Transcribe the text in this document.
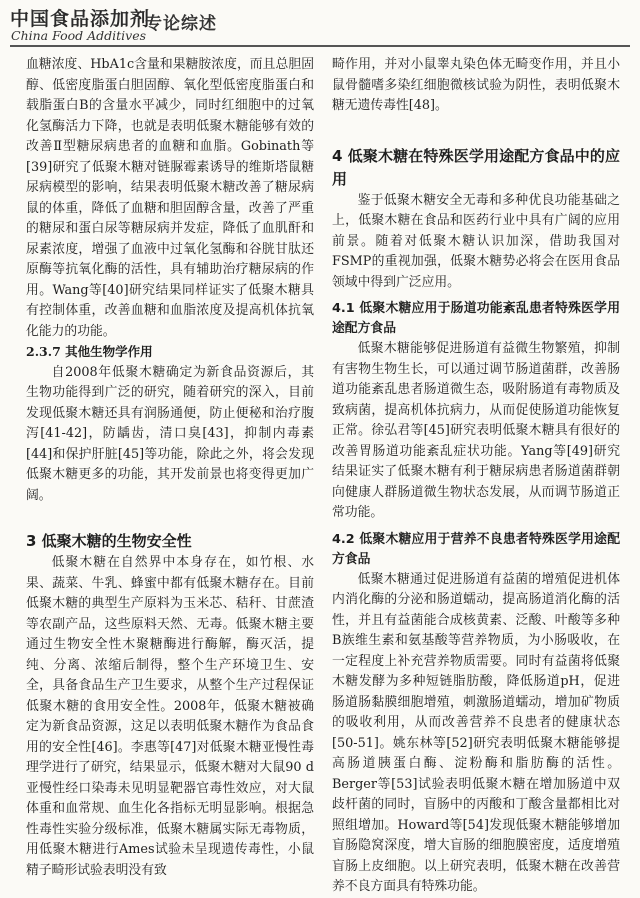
中国食品添加剂
China Food Additives
专论综述

血糖浓度、HbA1c含量和果糖胺浓度，而且总胆固醇、低密度脂蛋白胆固醇、氧化型低密度脂蛋白和载脂蛋白B的含量水平减少，同时红细胞中的过氧化氢酶活力下降，也就是表明低聚木糖能够有效的改善Ⅱ型糖尿病患者的血糖和血脂。Gobinath等[39]研究了低聚木糖对链脲霉素诱导的维斯塔鼠糖尿病模型的影响，结果表明低聚木糖改善了糖尿病鼠的体重，降低了血糖和胆固醇含量，改善了严重的糖尿和蛋白尿等糖尿病并发症，降低了血肌酐和尿素浓度，增强了血液中过氧化氢酶和谷胱甘肽还原酶等抗氧化酶的活性，具有辅助治疗糖尿病的作用。Wang等[40]研究结果同样证实了低聚木糖具有控制体重，改善血糖和血脂浓度及提高机体抗氧化能力的功能。

2.3.7 其他生物学作用

自2008年低聚木糖确定为新食品资源后，其生物功能得到广泛的研究，随着研究的深入，目前发现低聚木糖还具有润肠通便，防止便秘和治疗腹泻[41-42]，防龋齿，清口臭[43]，抑制内毒素[44]和保护肝脏[45]等功能，除此之外，将会发现低聚木糖更多的功能，其开发前景也将变得更加广阔。

3 低聚木糖的生物安全性

低聚木糖在自然界中本身存在，如竹根、水果、蔬菜、牛乳、蜂蜜中都有低聚木糖存在。目前低聚木糖的典型生产原料为玉米芯、秸秆、甘蔗渣等农副产品，这些原料天然、无毒。低聚木糖主要通过生物安全性木聚糖酶进行酶解，酶灭活，提纯、分离、浓缩后制得，整个生产环境卫生、安全，具备食品生产卫生要求，从整个生产过程保证低聚木糖的食用安全性。2008年，低聚木糖被确定为新食品资源，这足以表明低聚木糖作为食品食用的安全性[46]。李惠等[47]对低聚木糖亚慢性毒理学进行了研究，结果显示，低聚木糖对大鼠90 d亚慢性经口染毒未见明显靶器官毒性效应，对大鼠体重和血常规、血生化各指标无明显影响。根据急性毒性实验分级标准，低聚木糖属实际无毒物质，用低聚木糖进行Ames试验未呈现遗传毒性，小鼠精子畸形试验表明没有致

畸作用，并对小鼠睾丸染色体无畸变作用，并且小鼠骨髓嗜多染红细胞微核试验为阴性，表明低聚木糖无遗传毒性[48]。

4 低聚木糖在特殊医学用途配方食品中的应用

鉴于低聚木糖安全无毒和多种优良功能基础之上，低聚木糖在食品和医药行业中具有广阔的应用前景。随着对低聚木糖认识加深，借助我国对FSMP的重视加强，低聚木糖势必将会在医用食品领域中得到广泛应用。

4.1 低聚木糖应用于肠道功能紊乱患者特殊医学用途配方食品

低聚木糖能够促进肠道有益微生物繁殖，抑制有害物生物生长，可以通过调节肠道菌群，改善肠道功能紊乱患者肠道微生态，吸附肠道有毒物质及致病菌，提高机体抗病力，从而促使肠道功能恢复正常。徐弘君等[45]研究表明低聚木糖具有很好的改善胃肠道功能紊乱症状功能。Yang等[49]研究结果证实了低聚木糖有利于糖尿病患者肠道菌群朝向健康人群肠道微生物状态发展，从而调节肠道正常功能。

4.2 低聚木糖应用于营养不良患者特殊医学用途配方食品

低聚木糖通过促进肠道有益菌的增殖促进机体内消化酶的分泌和肠道蠕动，提高肠道消化酶的活性，并且有益菌能合成核黄素、泛酸、叶酸等多种B族维生素和氨基酸等营养物质，为小肠吸收，在一定程度上补充营养物质需要。同时有益菌将低聚木糖发酵为多种短链脂肪酸，降低肠道pH，促进肠道肠黏膜细胞增殖，刺激肠道蠕动，增加矿物质的吸收利用，从而改善营养不良患者的健康状态[50-51]。姚东林等[52]研究表明低聚木糖能够提高肠道胰蛋白酶、淀粉酶和脂肪酶的活性。Berger等[53]试验表明低聚木糖在增加肠道中双歧杆菌的同时，盲肠中的丙酸和丁酸含量都相比对照组增加。Howard等[54]发现低聚木糖能够增加盲肠隐窝深度，增大盲肠的细胞膜密度，适度增殖盲肠上皮细胞。以上研究表明，低聚木糖在改善营养不良方面具有特殊功能。
